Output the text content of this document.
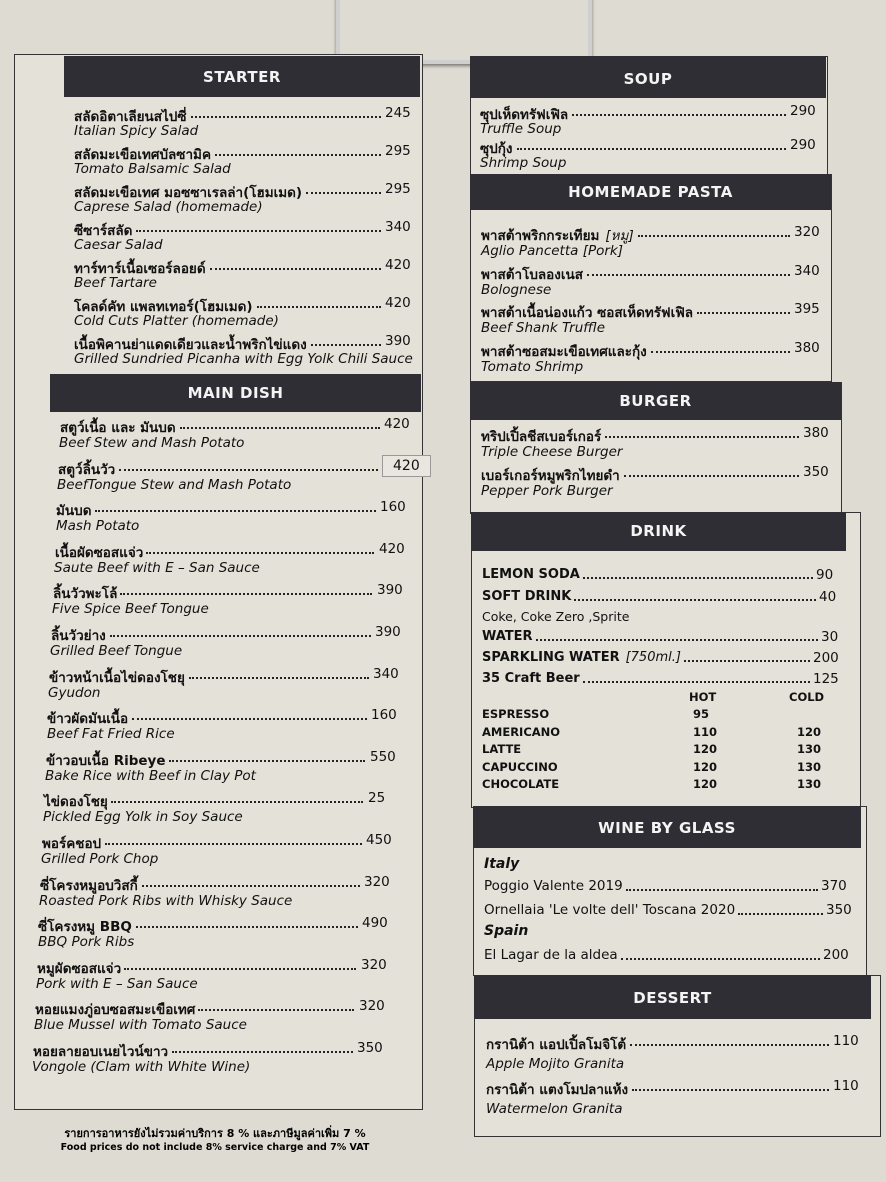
STARTER
MAIN DISH
สลัดอิตาเลียนสไปซี่	245
Italian Spicy Salad
สลัดมะเขือเทศบัลซามิค	295
Tomato Balsamic Salad
สลัดมะเขือเทศ มอซซาเรลล่า(โฮมเมด)	295
Caprese Salad (homemade)
ซีซาร์สลัด	340
Caesar Salad
ทาร์ทาร์เนื้อเซอร์ลอยด์	420
Beef Tartare
โคลด์คัท แพลทเทอร์(โฮมเมด)	420
Cold Cuts Platter (homemade)
เนื้อพิคานย่าแดดเดียวและน้ำพริกไข่แดง	390
Grilled Sundried Picanha with Egg Yolk Chili Sauce
สตูว์เนื้อ และ มันบด	420
Beef Stew and Mash Potato
สตูว์ลิ้นวัว	420
BeefTongue Stew and Mash Potato
มันบด	160
Mash Potato
เนื้อผัดซอสแจ่ว	420
Saute Beef with E – San Sauce
ลิ้นวัวพะโล้	390
Five Spice Beef Tongue
ลิ้นวัวย่าง	390
Grilled Beef Tongue
ข้าวหน้าเนื้อไข่ดองโชยุ	340
Gyudon
ข้าวผัดมันเนื้อ	160
Beef Fat Fried Rice
ข้าวอบเนื้อ Ribeye	550
Bake Rice with Beef in Clay Pot
ไข่ดองโชยุ	25
Pickled Egg Yolk in Soy Sauce
พอร์คชอป	450
Grilled Pork Chop
ซี่โครงหมูอบวิสกี้	320
Roasted Pork Ribs with Whisky Sauce
ซี่โครงหมู BBQ	490
BBQ Pork Ribs
หมูผัดซอสแจ่ว	320
Pork with E – San Sauce
หอยแมงภู่อบซอสมะเขือเทศ	320
Blue Mussel with Tomato Sauce
หอยลายอบเนยไวน์ขาว	350
Vongole (Clam with White Wine)
SOUP
HOMEMADE PASTA
BURGER
DRINK
WINE BY GLASS
DESSERT
ซุปเห็ดทรัฟเฟิล	290
Truffle Soup
ซุปกุ้ง	290
Shrimp Soup
พาสต้าพริกกระเทียม [หมู]	320
Aglio Pancetta [Pork]
พาสต้าโบลองเนส	340
Bolognese
พาสต้าเนื้อน่องแก้ว ซอสเห็ดทรัฟเฟิล	395
Beef Shank Truffle
พาสต้าซอสมะเขือเทศและกุ้ง	380
Tomato Shrimp
ทริปเปิ้ลชีสเบอร์เกอร์	380
Triple Cheese Burger
เบอร์เกอร์หมูพริกไทยดำ	350
Pepper Pork Burger
LEMON SODA	90
SOFT DRINK	40
Coke, Coke Zero ,Sprite
WATER	30
SPARKLING WATER [750ml.]	200
35 Craft Beer	125
HOT	COLD
ESPRESSO	95
AMERICANO	110	120
LATTE	120	130
CAPUCCINO	120	130
CHOCOLATE	120	130
Italy
Spain
Poggio Valente 2019	370
Ornellaia 'Le volte dell' Toscana 2020	350
El Lagar de la aldea	200
กรานิต้า แอปเปิ้ลโมจิโต้	110
Apple Mojito Granita
กรานิต้า แตงโมปลาแห้ง	110
Watermelon Granita
รายการอาหารยังไม่รวมค่าบริการ 8 % และภาษีมูลค่าเพิ่ม 7 %
Food prices do not include 8% service charge and 7% VAT
